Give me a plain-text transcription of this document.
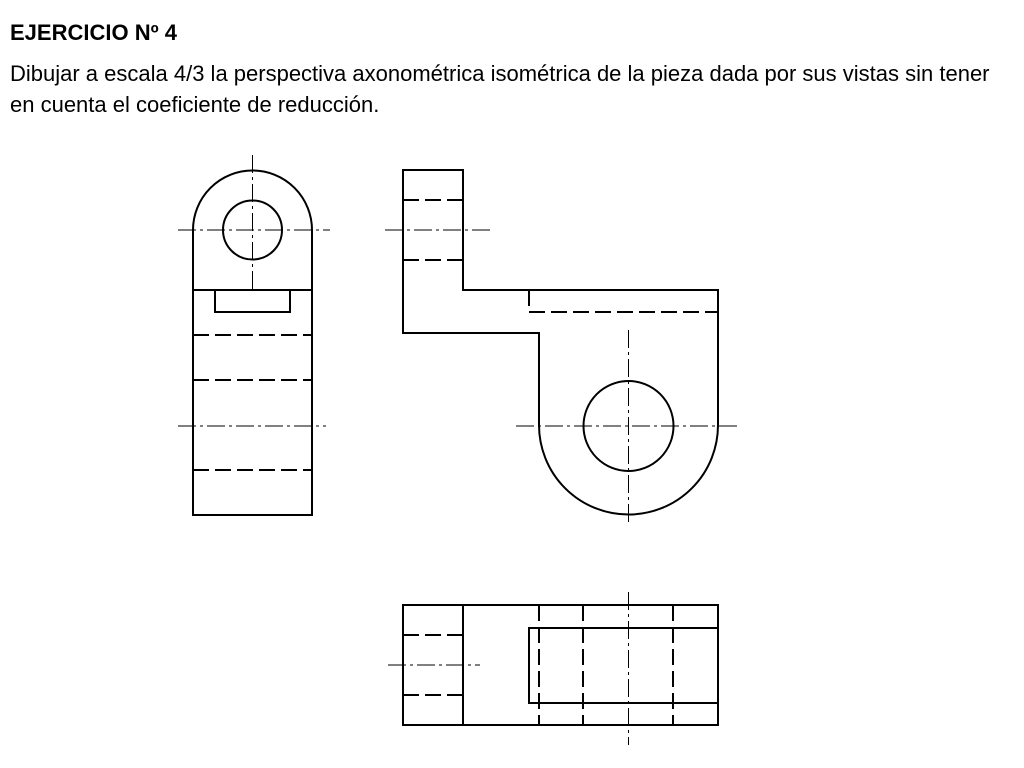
EJERCICIO Nº 4

Dibujar a escala 4/3 la perspectiva axonométrica isométrica de la pieza dada por sus vistas sin tener en cuenta el coeficiente de reducción.
